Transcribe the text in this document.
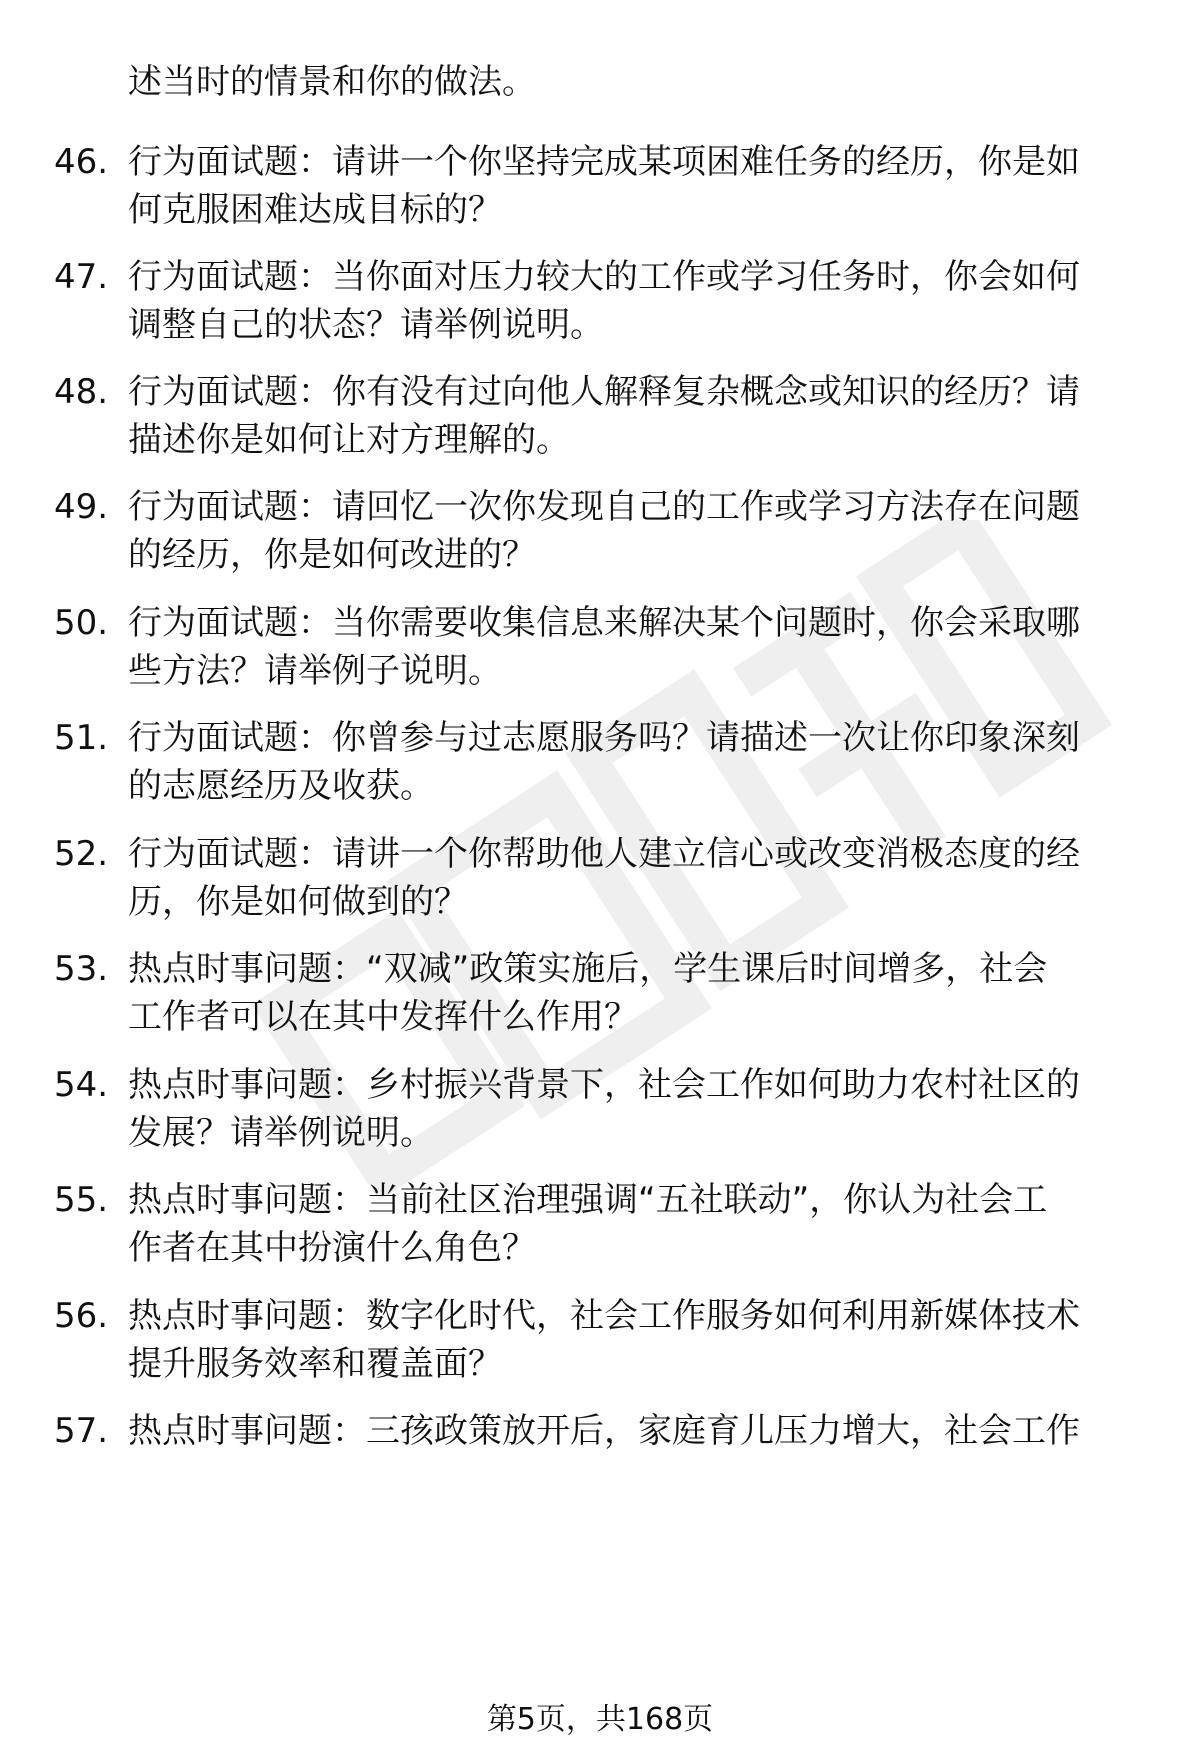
述当时的情景和你的做法。
46. 行为面试题：请讲一个你坚持完成某项困难任务的经历，你是如
何克服困难达成目标的？
47. 行为面试题：当你面对压力较大的工作或学习任务时，你会如何
调整自己的状态？请举例说明。
48. 行为面试题：你有没有过向他人解释复杂概念或知识的经历？请
描述你是如何让对方理解的。
49. 行为面试题：请回忆一次你发现自己的工作或学习方法存在问题
的经历，你是如何改进的？
50. 行为面试题：当你需要收集信息来解决某个问题时，你会采取哪
些方法？请举例子说明。
51. 行为面试题：你曾参与过志愿服务吗？请描述一次让你印象深刻
的志愿经历及收获。
52. 行为面试题：请讲一个你帮助他人建立信心或改变消极态度的经
历，你是如何做到的？
53. 热点时事问题：“双减”政策实施后，学生课后时间增多，社会
工作者可以在其中发挥什么作用？
54. 热点时事问题：乡村振兴背景下，社会工作如何助力农村社区的
发展？请举例说明。
55. 热点时事问题：当前社区治理强调“五社联动”，你认为社会工
作者在其中扮演什么角色？
56. 热点时事问题：数字化时代，社会工作服务如何利用新媒体技术
提升服务效率和覆盖面？
57. 热点时事问题：三孩政策放开后，家庭育儿压力增大，社会工作
第5页，共168页
